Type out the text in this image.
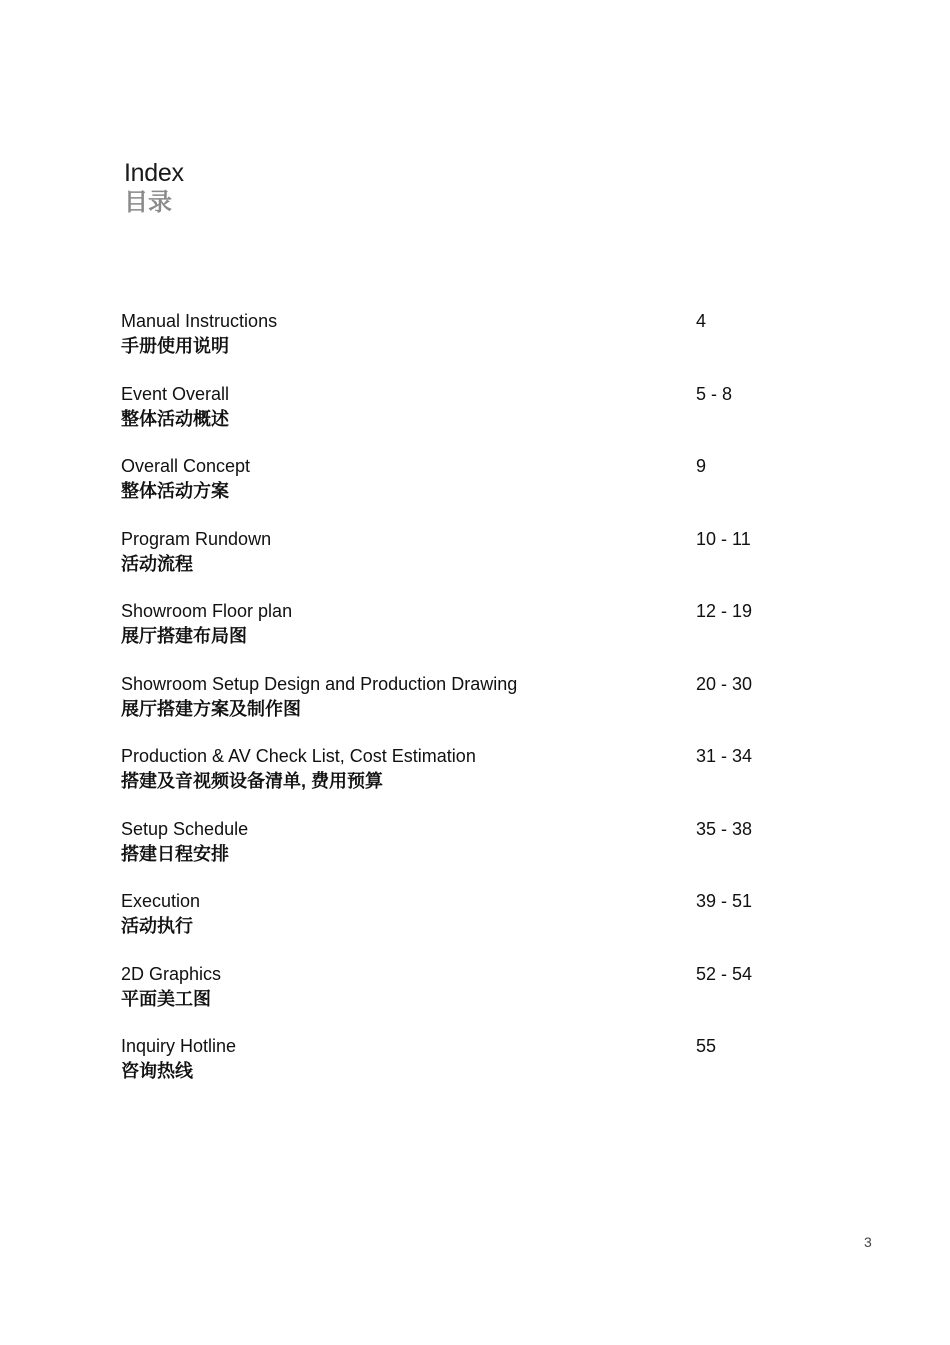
Index
目录
Manual Instructions
手册使用说明
4
Event Overall
整体活动概述
5 - 8
Overall Concept
整体活动方案
9
Program Rundown
活动流程
10 - 11
Showroom Floor plan
展厅搭建布局图
12 - 19
Showroom Setup Design and Production Drawing
展厅搭建方案及制作图
20 - 30
Production & AV Check List, Cost Estimation
搭建及音视频设备清单, 费用预算
31 - 34
Setup Schedule
搭建日程安排
35 - 38
Execution
活动执行
39 - 51
2D Graphics
平面美工图
52 - 54
Inquiry Hotline
咨询热线
55
3
